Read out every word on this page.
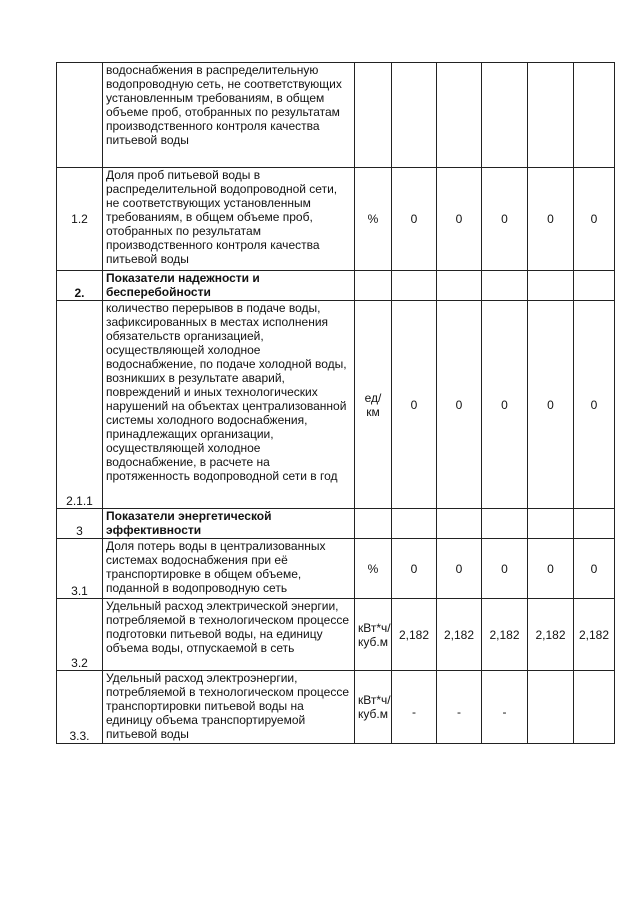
	водоснабжения в распределительную водопроводную сеть, не соответствующих установленным требованиям, в общем объеме проб, отобранных по результатам производственного контроля качества питьевой воды						
1.2	Доля проб питьевой воды в распределительной водопроводной сети, не соответствующих установленным требованиям, в общем объеме проб, отобранных по результатам производственного контроля качества питьевой воды	%	0	0	0	0	0
2.	Показатели надежности и бесперебойности						
2.1.1	количество перерывов в подаче воды, зафиксированных в местах исполнения обязательств организацией, осуществляющей холодное водоснабжение, по подаче холодной воды, возникших в результате аварий, повреждений и иных технологических нарушений на объектах централизованной системы холодного водоснабжения, принадлежащих организации, осуществляющей холодное водоснабжение, в расчете на протяженность водопроводной сети в год	ед/км	0	0	0	0	0
3	Показатели энергетической эффективности						
3.1	Доля потерь воды в централизованных системах водоснабжения при её транспортировке в общем объеме, поданной в водопроводную сеть	%	0	0	0	0	0
3.2	Удельный расход электрической энергии, потребляемой в технологическом процессе подготовки питьевой воды, на единицу объема воды, отпускаемой в сеть	кВт*ч/куб.м	2,182	2,182	2,182	2,182	2,182
3.3.	Удельный расход электроэнергии, потребляемой в технологическом процессе транспортировки питьевой воды на единицу объема транспортируемой питьевой воды	кВт*ч/куб.м	-	-	-		
